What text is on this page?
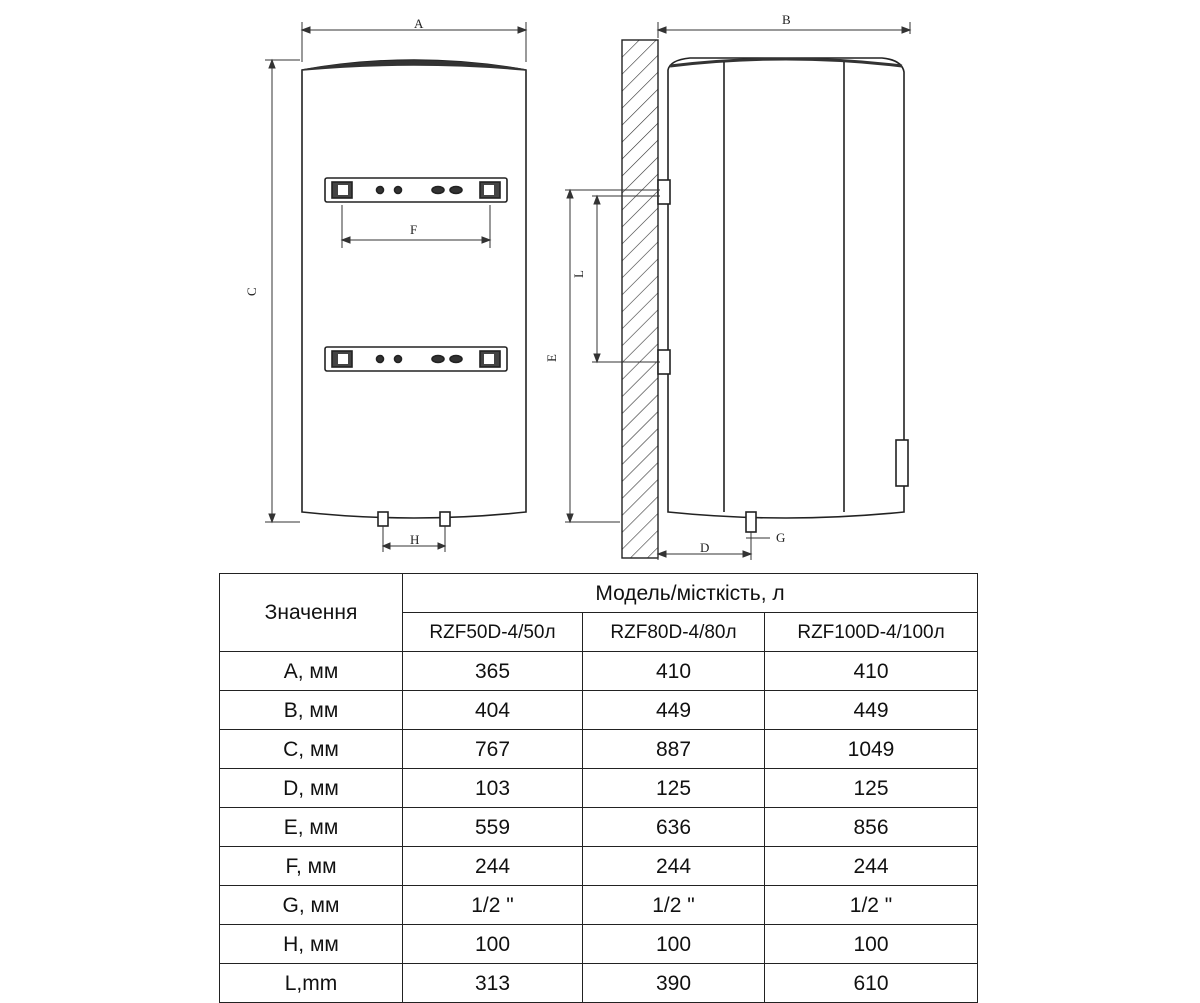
A
C
F
H
B
E
L
D
G
Значення	Модель/місткість, л		
	RZF50D-4/50л	RZF80D-4/80л	RZF100D-4/100л
A, мм	365	410	410
B, мм	404	449	449
C, мм	767	887	1049
D, мм	103	125	125
E, мм	559	636	856
F, мм	244	244	244
G, мм	1/2 "	1/2 "	1/2 "
H, мм	100	100	100
L,mm	313	390	610
